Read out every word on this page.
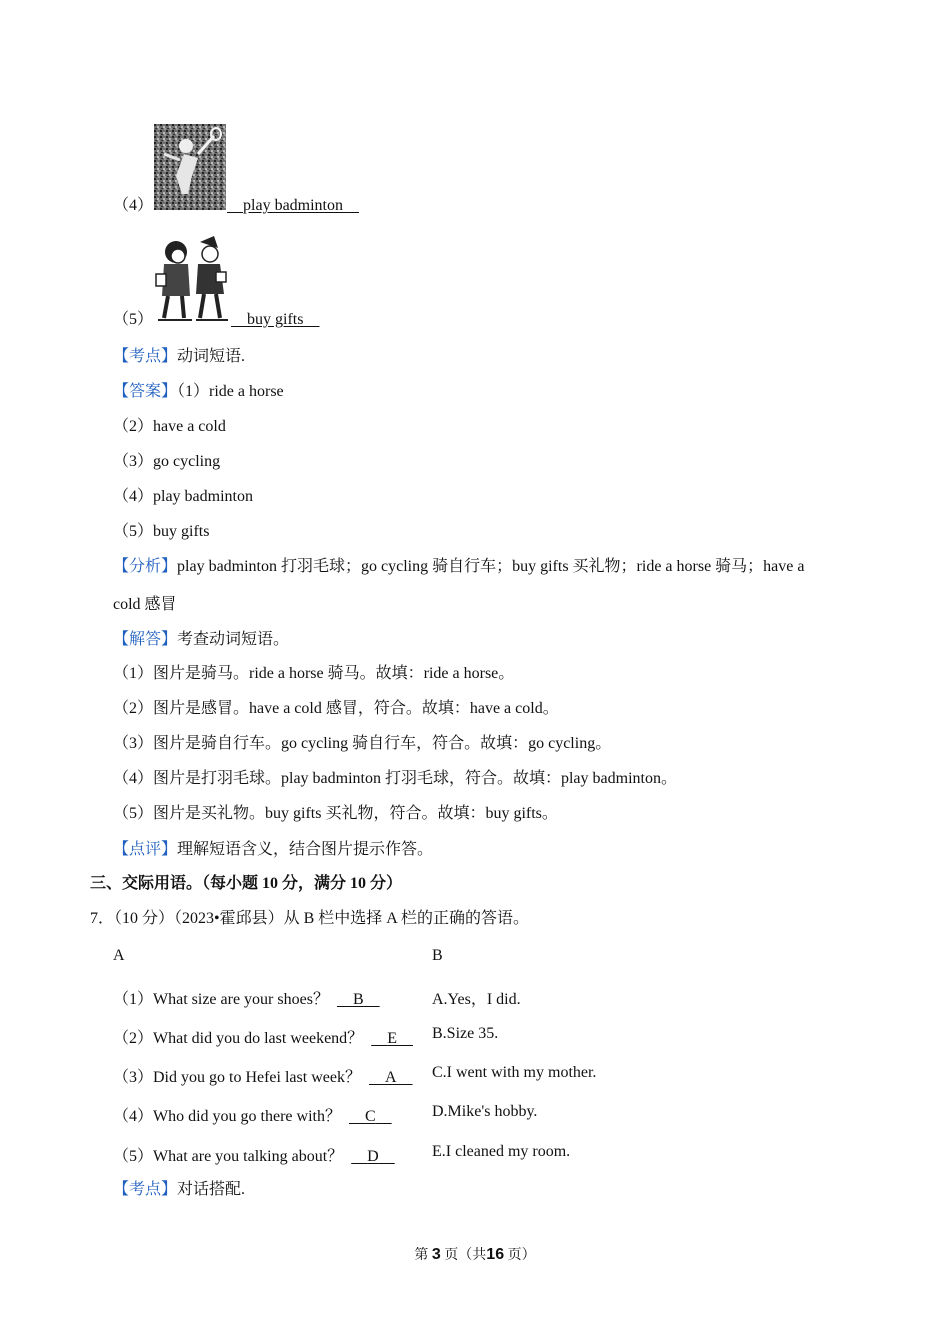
（4）	play badminton
（5）	buy gifts
【考点】动词短语.
【答案】（1）ride a horse
（2）have a cold
（3）go cycling
（4）play badminton
（5）buy gifts
【分析】play badminton 打羽毛球；go cycling 骑自行车；buy gifts 买礼物；ride a horse 骑马；have a
cold 感冒
【解答】考查动词短语。
（1）图片是骑马。ride a horse 骑马。故填：ride a horse。
（2）图片是感冒。have a cold 感冒，符合。故填：have a cold。
（3）图片是骑自行车。go cycling 骑自行车，符合。故填：go cycling。
（4）图片是打羽毛球。play badminton 打羽毛球，符合。故填：play badminton。
（5）图片是买礼物。buy gifts 买礼物，符合。故填：buy gifts。
【点评】理解短语含义，结合图片提示作答。
三、交际用语。（每小题 10 分，满分 10 分）
7．（10 分）（2023•霍邱县）从 B 栏中选择 A 栏的正确的答语。
A	B
（1）What size are your shoes？ B	A.Yes，I did.
（2）What did you do last weekend？ E	B.Size 35.
（3）Did you go to Hefei last week？ A	C.I went with my mother.
（4）Who did you go there with？ C	D.Mike's hobby.
（5）What are you talking about？ D	E.I cleaned my room.
【考点】对话搭配.
第 3 页（共16 页）
